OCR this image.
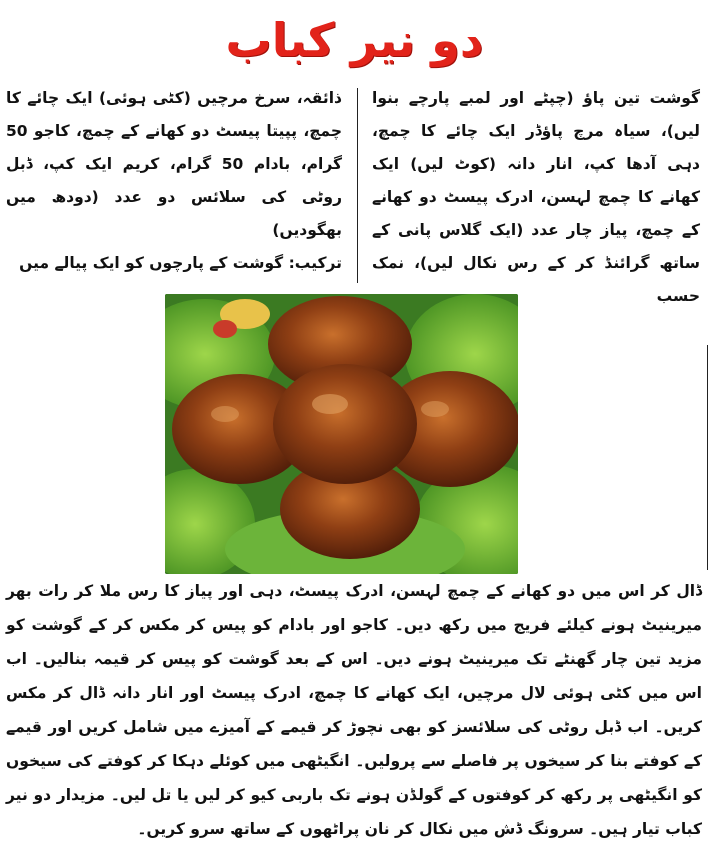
دو نیر کباب

گوشت تین پاؤ (چپٹے اور لمبے پارچے بنوا لیں)، سیاہ مرچ پاؤڈر ایک چائے کا چمچ، دہی آدھا کپ، انار دانہ (کوٹ لیں) ایک کھانے کا چمچ لہسن، ادرک پیسٹ دو کھانے کے چمچ، پیاز چار عدد (ایک گلاس پانی کے ساتھ گرائنڈ کر کے رس نکال لیں)، نمک حسب

ذائقہ، سرخ مرچیں (کٹی ہوئی) ایک چائے کا چمچ، پپیتا پیسٹ دو کھانے کے چمچ، کاجو 50 گرام، بادام 50 گرام، کریم ایک کپ، ڈبل روٹی کی سلائس دو عدد (دودھ میں بھگودیں)

ترکیب: گوشت کے پارچوں کو ایک پیالے میں

ڈال کر اس میں دو کھانے کے چمچ لہسن، ادرک پیسٹ، دہی اور پیاز کا رس ملا کر رات بھر میرینیٹ ہونے کیلئے فریج میں رکھ دیں۔ کاجو اور بادام کو پیس کر مکس کر کے گوشت کو مزید تین چار گھنٹے تک میرینیٹ ہونے دیں۔ اس کے بعد گوشت کو پیس کر قیمہ بنالیں۔ اب اس میں کٹی ہوئی لال مرچیں، ایک کھانے کا چمچ، ادرک پیسٹ اور انار دانہ ڈال کر مکس کریں۔ اب ڈبل روٹی کی سلائسز کو بھی نچوڑ کر قیمے کے آمیزے میں شامل کریں اور قیمے کے کوفتے بنا کر سیخوں پر فاصلے سے پرولیں۔ انگیٹھی میں کوئلے دہکا کر کوفتے کی سیخوں کو انگیٹھی پر رکھ کر کوفتوں کے گولڈن ہونے تک باربی کیو کر لیں یا تل لیں۔ مزیدار دو نیر کباب تیار ہیں۔ سرونگ ڈش میں نکال کر نان پراٹھوں کے ساتھ سرو کریں۔
